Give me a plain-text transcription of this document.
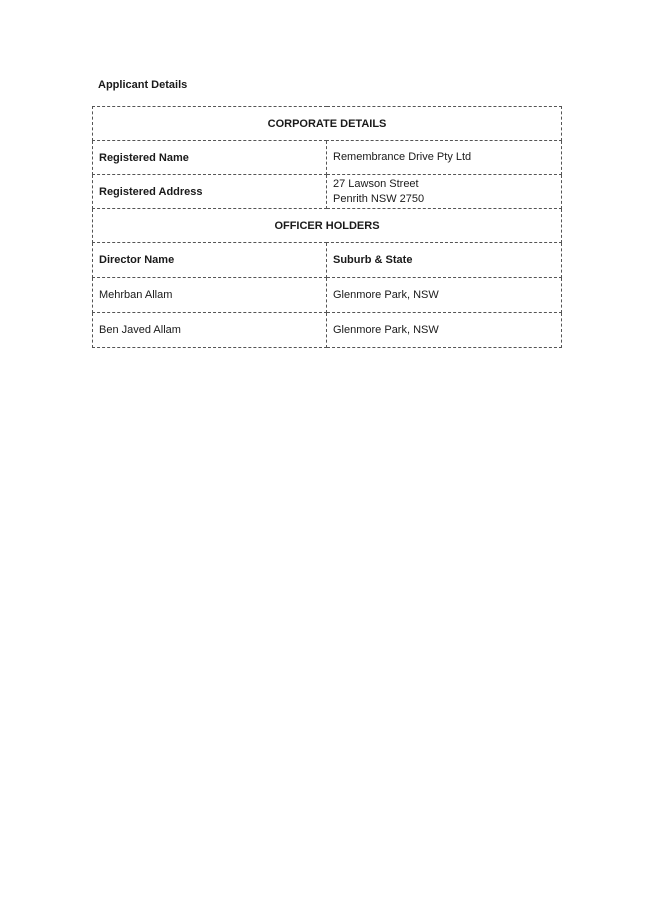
Applicant Details

CORPORATE DETAILS	
Registered Name	Remembrance Drive Pty Ltd
Registered Address	27 Lawson Street
Penrith NSW 2750

OFFICER HOLDERS	
Director Name	Suburb & State
Mehrban Allam	Glenmore Park, NSW
Ben Javed Allam	Glenmore Park, NSW
